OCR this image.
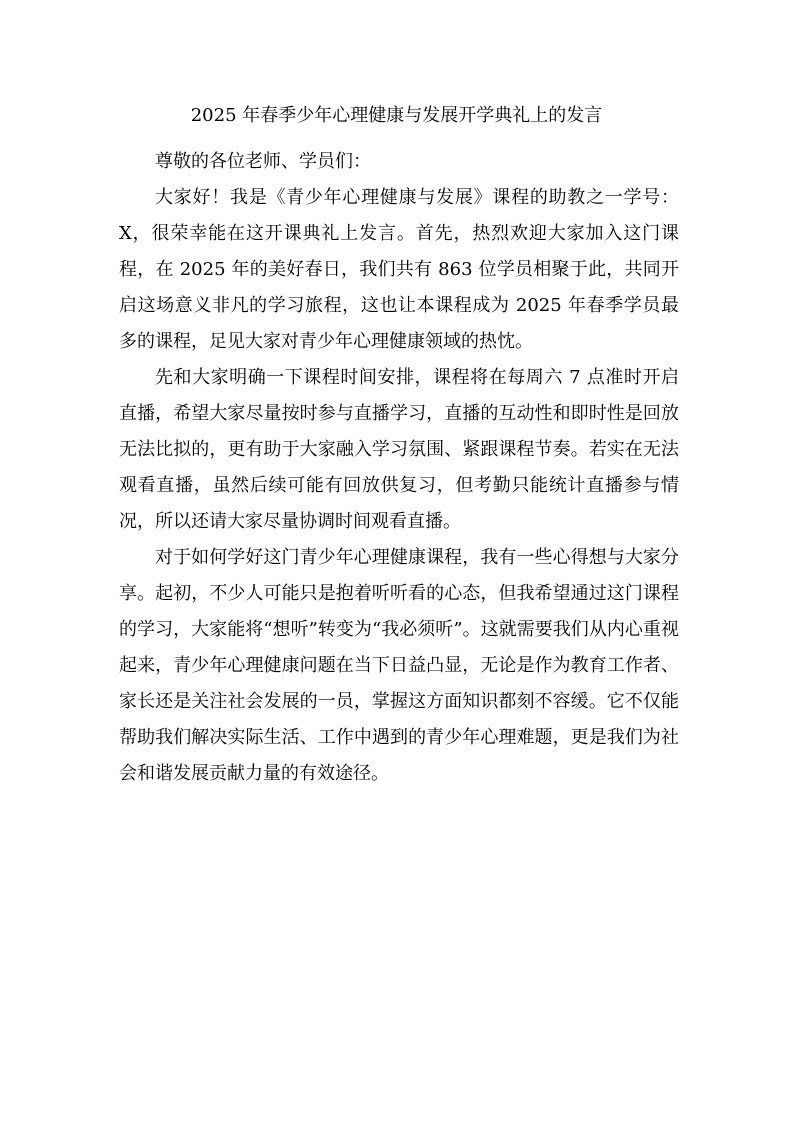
2025 年春季少年心理健康与发展开学典礼上的发言

尊敬的各位老师、学员们：

大家好！我是《青少年心理健康与发展》课程的助教之一学号：X，很荣幸能在这开课典礼上发言。首先，热烈欢迎大家加入这门课程，在 2025 年的美好春日，我们共有 863 位学员相聚于此，共同开启这场意义非凡的学习旅程，这也让本课程成为 2025 年春季学员最多的课程，足见大家对青少年心理健康领域的热忱。

先和大家明确一下课程时间安排，课程将在每周六 7 点准时开启直播，希望大家尽量按时参与直播学习，直播的互动性和即时性是回放无法比拟的，更有助于大家融入学习氛围、紧跟课程节奏。若实在无法观看直播，虽然后续可能有回放供复习，但考勤只能统计直播参与情况，所以还请大家尽量协调时间观看直播。

对于如何学好这门青少年心理健康课程，我有一些心得想与大家分享。起初，不少人可能只是抱着听听看的心态，但我希望通过这门课程的学习，大家能将“想听”转变为“我必须听”。这就需要我们从内心重视起来，青少年心理健康问题在当下日益凸显，无论是作为教育工作者、家长还是关注社会发展的一员，掌握这方面知识都刻不容缓。它不仅能帮助我们解决实际生活、工作中遇到的青少年心理难题，更是我们为社会和谐发展贡献力量的有效途径。
